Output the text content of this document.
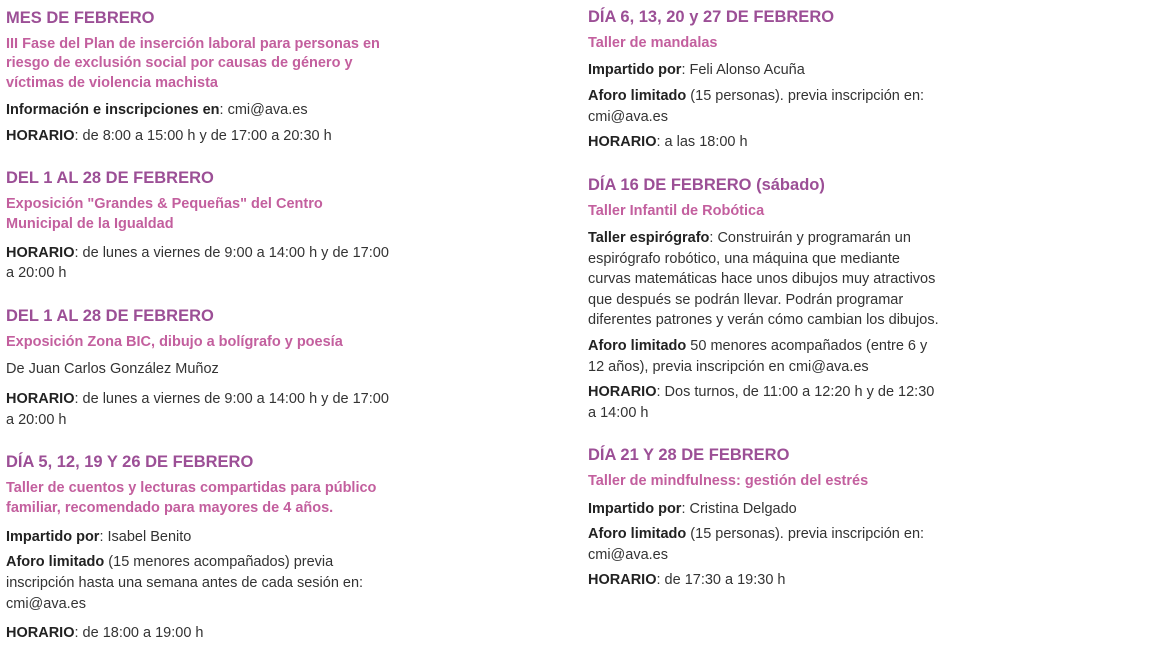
MES DE FEBRERO
III Fase del Plan de inserción laboral para personas en riesgo de exclusión social por causas de género y víctimas de violencia machista
Información e inscripciones en: cmi@ava.es
HORARIO: de 8:00 a 15:00 h y de 17:00 a 20:30 h
DEL 1 AL 28 DE FEBRERO
Exposición "Grandes & Pequeñas" del Centro Municipal de la Igualdad
HORARIO: de lunes a viernes de 9:00 a 14:00 h y de 17:00 a 20:00 h
DEL 1 AL 28 DE FEBRERO
Exposición Zona BIC, dibujo a bolígrafo y poesía
De Juan Carlos González Muñoz
HORARIO: de lunes a viernes de 9:00 a 14:00 h y de 17:00 a 20:00 h
DÍA 5, 12, 19 Y 26 DE FEBRERO
Taller de cuentos y lecturas compartidas para público familiar, recomendado para mayores de 4 años.
Impartido por: Isabel Benito
Aforo limitado (15 menores acompañados) previa inscripción hasta una semana antes de cada sesión en: cmi@ava.es
HORARIO: de 18:00 a 19:00 h
DÍA 6, 13, 20 y 27 DE FEBRERO
Taller de mandalas
Impartido por: Feli Alonso Acuña
Aforo limitado (15 personas). previa inscripción en: cmi@ava.es
HORARIO: a las 18:00 h
DÍA 16 DE FEBRERO (sábado)
Taller Infantil de Robótica
Taller espirógrafo: Construirán y programarán un espirógrafo robótico, una máquina que mediante curvas matemáticas hace unos dibujos muy atractivos que después se podrán llevar. Podrán programar diferentes patrones y verán cómo cambian los dibujos.
Aforo limitado 50 menores acompañados (entre 6 y 12 años), previa inscripción en cmi@ava.es
HORARIO: Dos turnos, de 11:00 a 12:20 h y de 12:30 a 14:00 h
DÍA 21 Y 28 DE FEBRERO
Taller de mindfulness: gestión del estrés
Impartido por: Cristina Delgado
Aforo limitado (15 personas). previa inscripción en: cmi@ava.es
HORARIO: de 17:30 a 19:30 h
